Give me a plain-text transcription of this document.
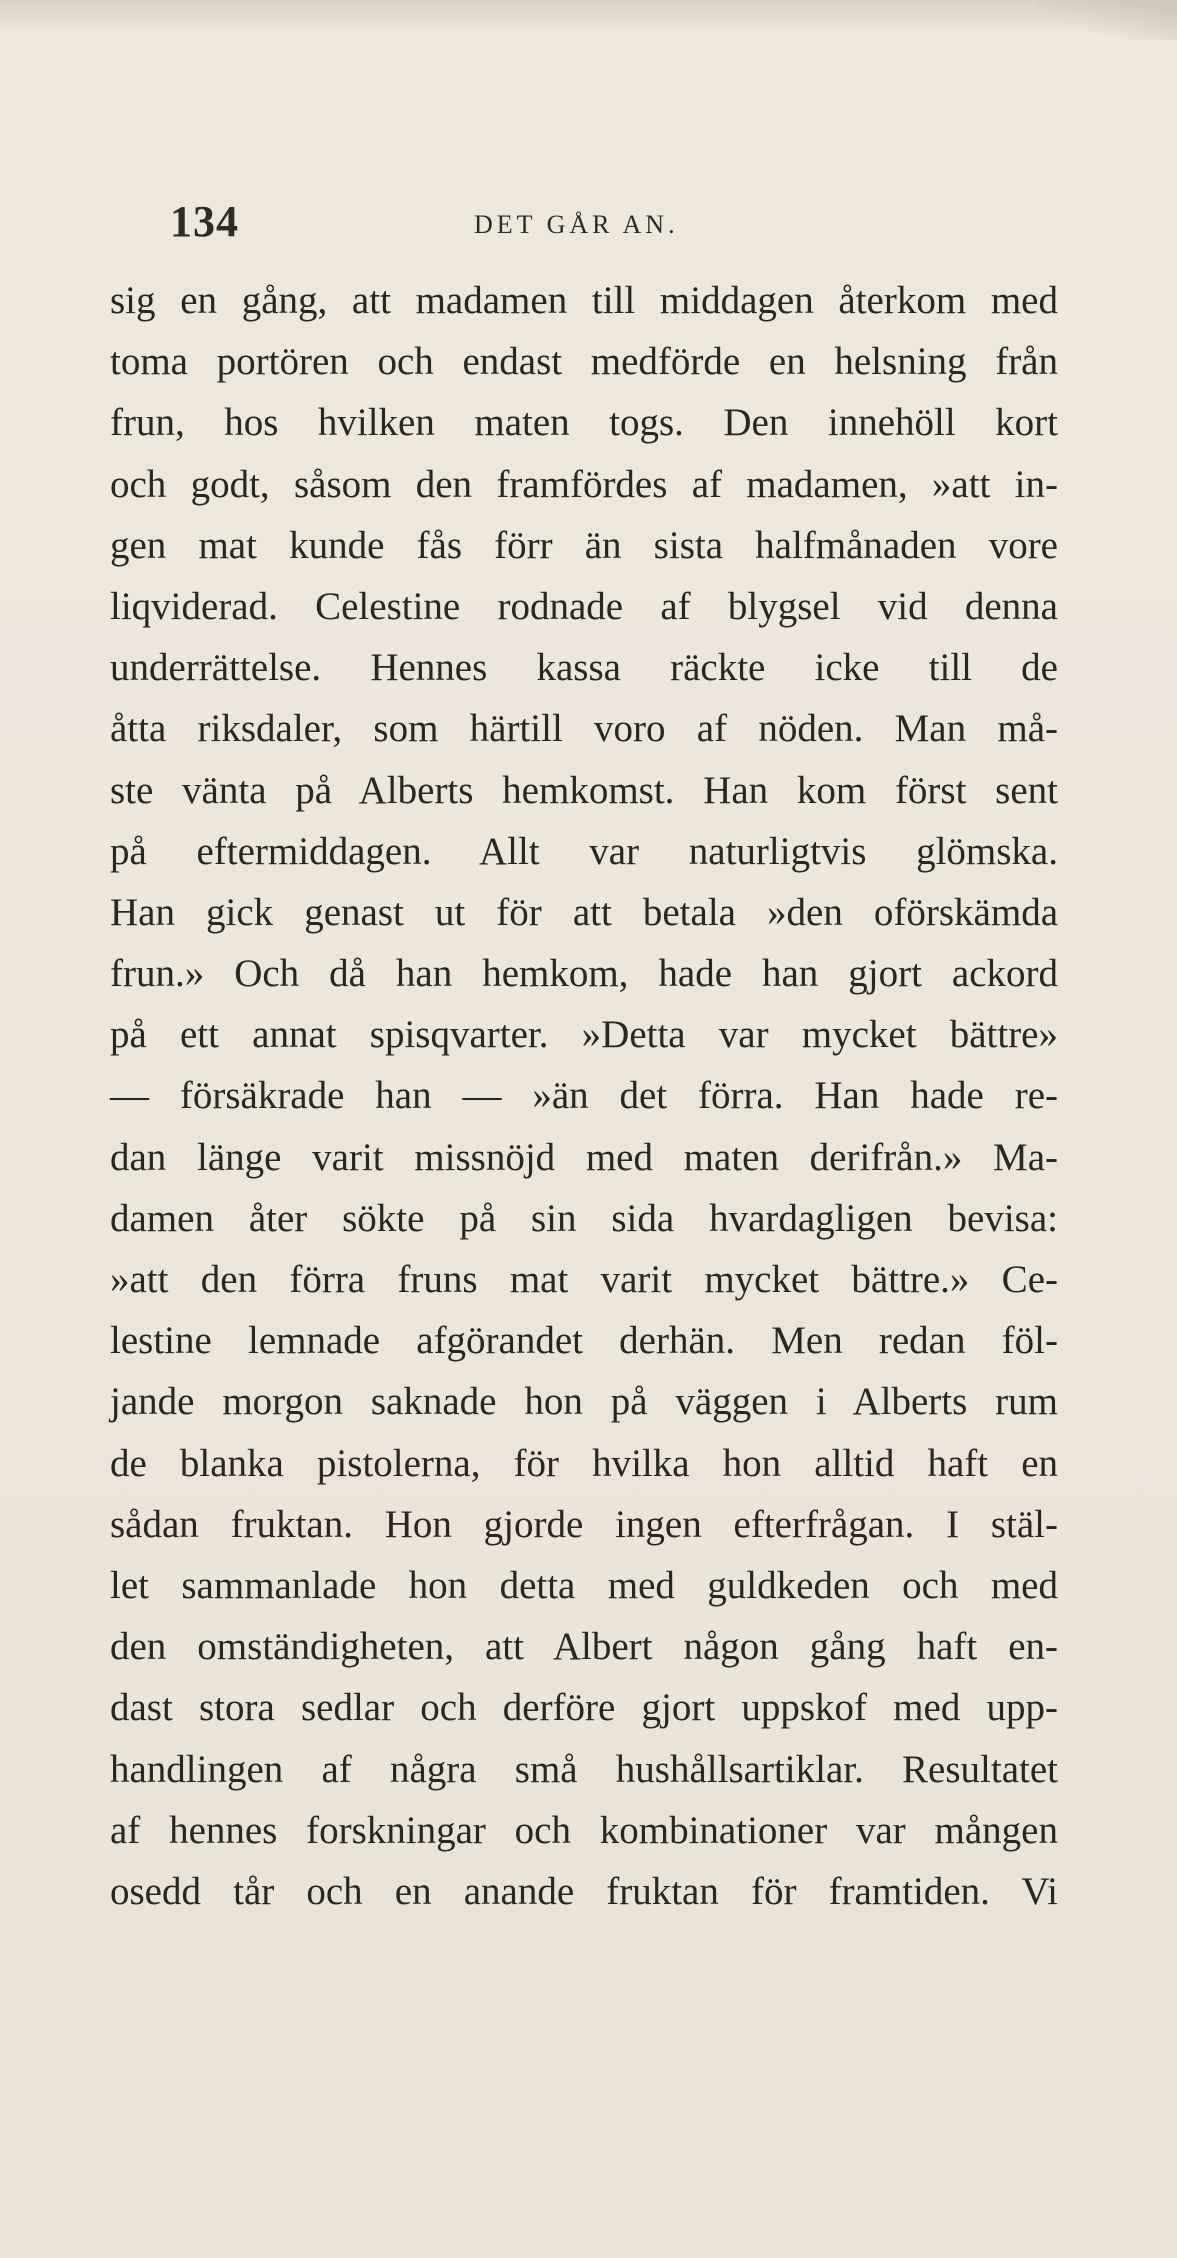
134	DET GÅR AN.
sig en gång, att madamen till middagen återkom med
toma portören och endast medförde en helsning från
frun, hos hvilken maten togs. Den innehöll kort
och godt, såsom den framfördes af madamen, »att in-
gen mat kunde fås förr än sista halfmånaden vore
liqviderad. Celestine rodnade af blygsel vid denna
underrättelse. Hennes kassa räckte icke till de
åtta riksdaler, som härtill voro af nöden. Man må-
ste vänta på Alberts hemkomst. Han kom först sent
på eftermiddagen. Allt var naturligtvis glömska.
Han gick genast ut för att betala »den oförskämda
frun.» Och då han hemkom, hade han gjort ackord
på ett annat spisqvarter. »Detta var mycket bättre»
— försäkrade han — »än det förra. Han hade re-
dan länge varit missnöjd med maten derifrån.» Ma-
damen åter sökte på sin sida hvardagligen bevisa:
»att den förra fruns mat varit mycket bättre.» Ce-
lestine lemnade afgörandet derhän. Men redan föl-
jande morgon saknade hon på väggen i Alberts rum
de blanka pistolerna, för hvilka hon alltid haft en
sådan fruktan. Hon gjorde ingen efterfrågan. I stäl-
let sammanlade hon detta med guldkeden och med
den omständigheten, att Albert någon gång haft en-
dast stora sedlar och derföre gjort uppskof med upp-
handlingen af några små hushållsartiklar. Resultatet
af hennes forskningar och kombinationer var mången
osedd tår och en anande fruktan för framtiden. Vi
